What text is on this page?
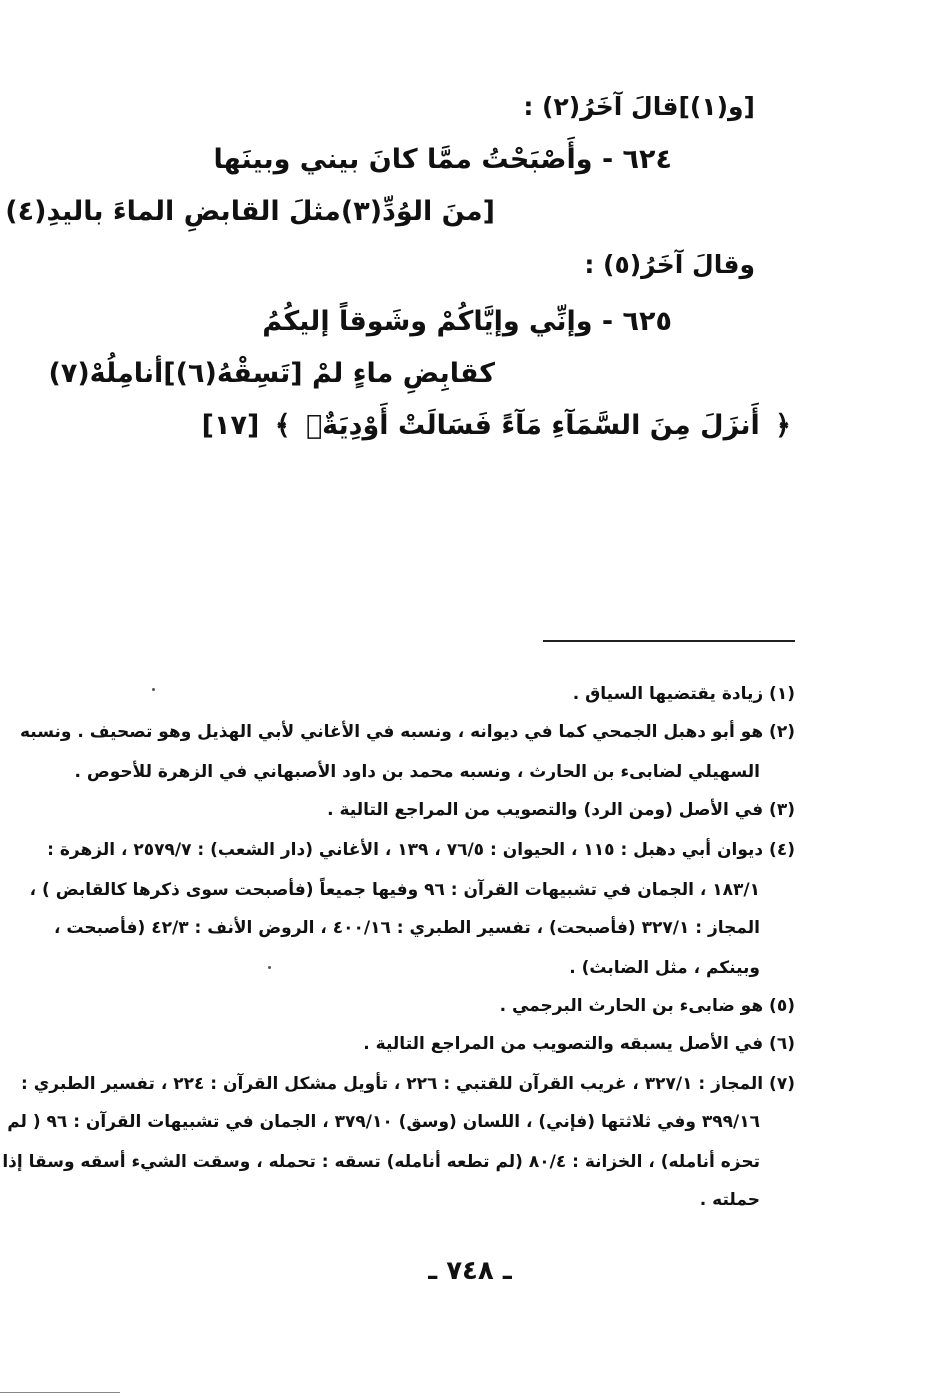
[و(١)]قالَ آخَرُ(٢) :
٦٢٤ - وأَصْبَحْتُ ممَّا كانَ بيني وبينَها
[منَ الوُدِّ(٣)مثلَ القابضِ الماءَ باليدِ(٤)
وقالَ آخَرُ(٥) :
٦٢٥ - وإنِّي وإيَّاكُمْ وشَوقاً إليكُمُ
كقابِضِ ماءٍ لمْ [تَسِقْهُ(٦)]أنامِلُهْ(٧)
﴿ أَنزَلَ مِنَ السَّمَآءِ مَآءً فَسَالَتْ أَوْدِيَةٌۢ ﴾ [١٧]
(١) زيادة يقتضيها السياق .
(٢) هو أبو دهبل الجمحي كما في ديوانه ، ونسبه في الأغاني لأبي الهذيل وهو تصحيف . ونسبه
السهيلي لضابىء بن الحارث ، ونسبه محمد بن داود الأصبهاني في الزهرة للأحوص .
(٣) في الأصل (ومن الرد) والتصويب من المراجع التالية .
(٤) ديوان أبي دهبل : ١١٥ ، الحيوان : ٧٦/٥ ، ١٣٩ ، الأغاني (دار الشعب) : ٢٥٧٩/٧ ، الزهرة :
١٨٣/١ ، الجمان في تشبيهات القرآن : ٩٦ وفيها جميعاً (فأصبحت سوى ذكرها كالقابض ) ،
المجاز : ٣٢٧/١ (فأصبحت) ، تفسير الطبري : ٤٠٠/١٦ ، الروض الأنف : ٤٢/٣ (فأصبحت ،
وبينكم ، مثل الضابث) .
(٥) هو ضابىء بن الحارث البرجمي .
(٦) في الأصل يسبقه والتصويب من المراجع التالية .
(٧) المجاز : ٣٢٧/١ ، غريب القرآن للقتبي : ٢٢٦ ، تأويل مشكل القرآن : ٢٢٤ ، تفسير الطبري :
٣٩٩/١٦ وفي ثلاثتها (فإني) ، اللسان (وسق) ٣٧٩/١٠ ، الجمان في تشبيهات القرآن : ٩٦ ( لم
تحزه أنامله) ، الخزانة : ٨٠/٤ (لم تطعه أنامله) تسقه : تحمله ، وسقت الشيء أسقه وسقا إذا
حملته .
ـ ٧٤٨ ـ
